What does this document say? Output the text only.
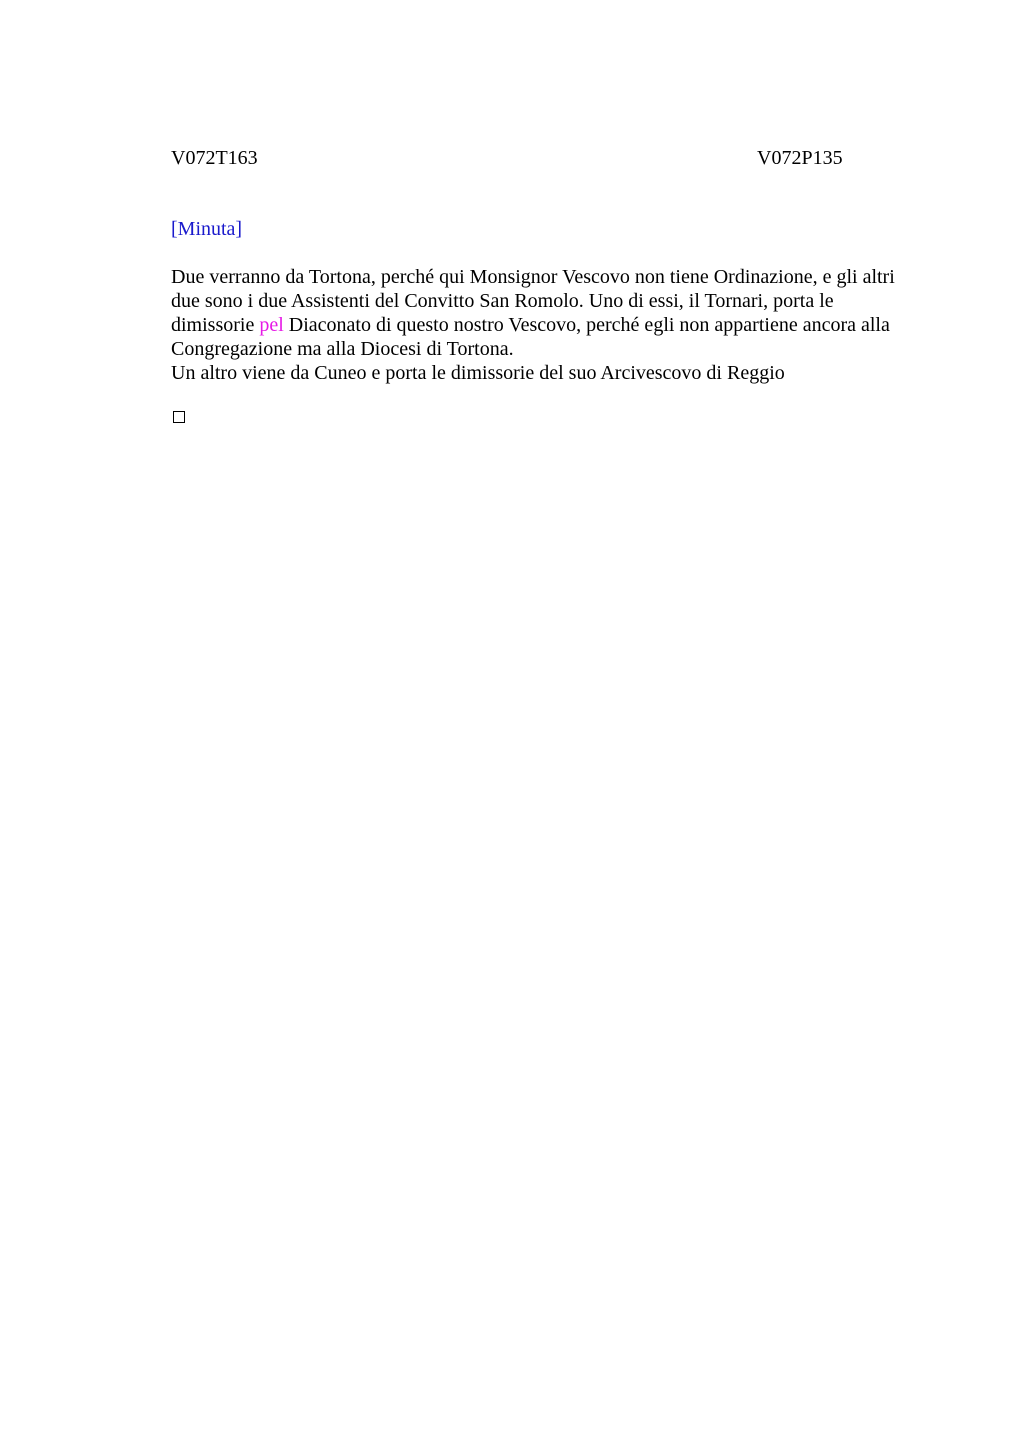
V072T163	V072P135
[Minuta]
Due verranno da Tortona, perché qui Monsignor Vescovo non tiene Ordinazione, e gli altri
due sono i due Assistenti del Convitto San Romolo. Uno di essi, il Tornari, porta le
dimissorie pel Diaconato di questo nostro Vescovo, perché egli non appartiene ancora alla
Congregazione ma alla Diocesi di Tortona.
Un altro viene da Cuneo e porta le dimissorie del suo Arcivescovo di Reggio
